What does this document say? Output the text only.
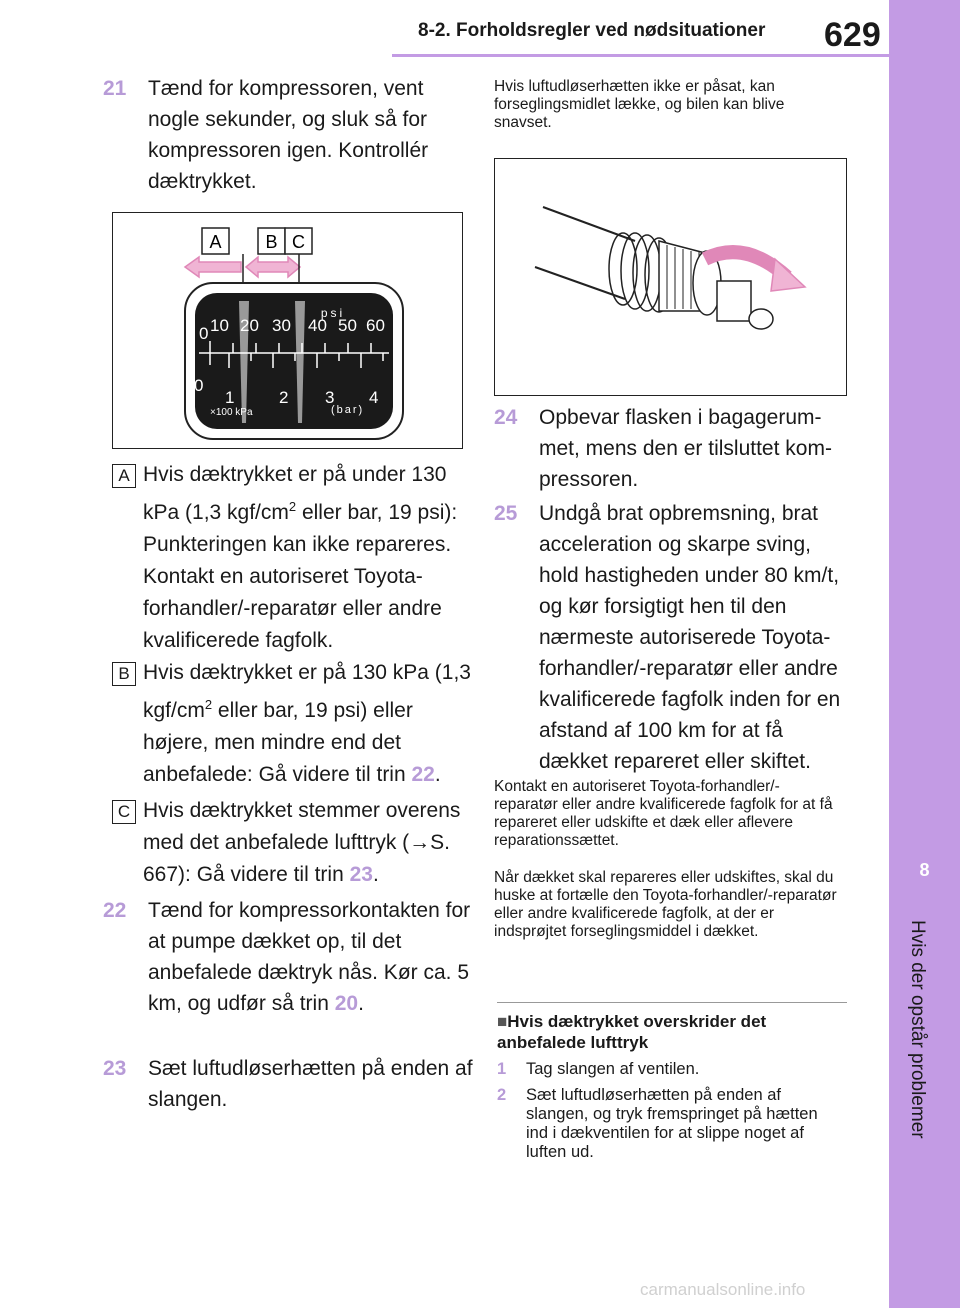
8-2. Forholdsregler ved nødsituationer 629
8
Hvis der opstår problemer
21 Tænd for kompressoren, vent nogle sekunder, og sluk så for kompressoren igen. Kontrollér dæktrykket.
A B C
psi
0 10 20 30 40 50 60
0
1	2 3 4
×100 kPa	(bar)
A Hvis dæktrykket er på under 130 kPa (1,3 kgf/$cm^2$ eller bar, 19 psi): Punkteringen kan ikke repareres. Kontakt en autoriseret Toyota-forhandler/-reparatør eller andre kvalificerede fagfolk.
B Hvis dæktrykket er på 130 kPa (1,3 kgf/$cm^2$ eller bar, 19 psi) eller højere, men mindre end det anbefalede: Gå videre til trin 22.
C Hvis dæktrykket stemmer overens med det anbefalede lufttryk (→S. 667): Gå videre til trin 23.
22 Tænd for kompressorkontakten for at pumpe dækket op, til det anbefalede dæktryk nås. Kør ca. 5 km, og udfør så trin 20.
23 Sæt luftudløserhætten på enden af slangen.
Hvis luftudløserhætten ikke er påsat, kan forseglingsmidlet lække, og bilen kan blive snavset.
24 Opbevar flasken i bagagerum-met, mens den er tilsluttet kom-pressoren.
25 Undgå brat opbremsning, brat acceleration og skarpe sving, hold hastigheden under 80 km/t, og kør forsigtigt hen til den nærmeste autoriserede Toyota-forhandler/-reparatør eller andre kvalificerede fagfolk inden for en afstand af 100 km for at få dækket repareret eller skiftet.
Kontakt en autoriseret Toyota-forhandler/-reparatør eller andre kvalificerede fagfolk for at få repareret eller udskifte et dæk eller aflevere reparationssættet.
Når dækket skal repareres eller udskiftes, skal du huske at fortælle den Toyota-forhandler/-reparatør eller andre kvalificerede fagfolk, at der er indsprøjtet forseglingsmiddel i dækket.
■Hvis dæktrykket overskrider det anbefalede lufttryk
1 Tag slangen af ventilen.
2 Sæt luftudløserhætten på enden af slangen, og tryk fremspringet på hætten ind i dækventilen for at slippe noget af luften ud.
carmanualsonline.info
